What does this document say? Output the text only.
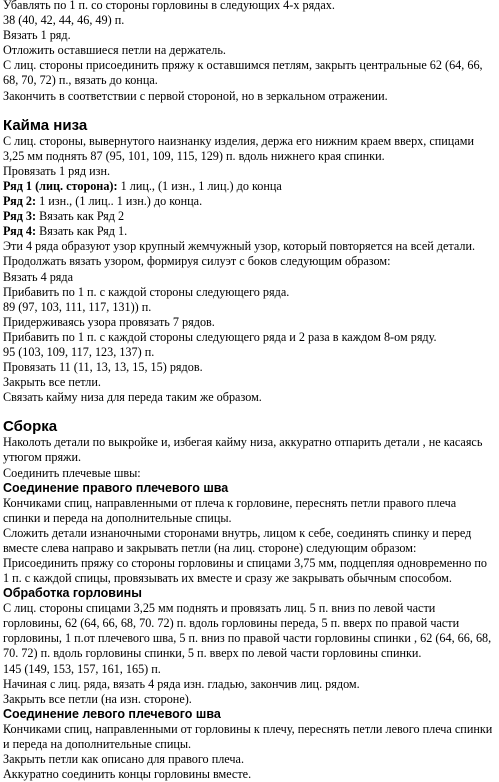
Убавлять по 1 п. со стороны горловины в следующих 4-х рядах.

38 (40, 42, 44, 46, 49) п.

Вязать 1 ряд.

Отложить оставшиеся петли на держатель.

С лиц. стороны присоединить пряжу к оставшимся петлям, закрыть центральные 62 (64, 66, 68, 70, 72) п., вязать до конца.

Закончить в соответствии с первой стороной, но в зеркальном отражении.

Кайма низа

С лиц. стороны, вывернутого наизнанку изделия, держа его нижним краем вверх, спицами 3,25 мм поднять 87 (95, 101, 109, 115, 129) п. вдоль нижнего края спинки.

Провязать 1 ряд изн.

Ряд 1 (лиц. сторона): 1 лиц., (1 изн., 1 лиц.) до конца

Ряд 2: 1 изн., (1 лиц.. 1 изн.) до конца.

Ряд 3: Вязать как Ряд 2

Ряд 4: Вязать как Ряд 1.

Эти 4 ряда образуют узор крупный жемчужный узор, который повторяется на всей детали.

Продолжать вязать узором, формируя силуэт с боков следующим образом:

Вязать 4 ряда

Прибавить по 1 п. с каждой стороны следующего ряда.

89 (97, 103, 111, 117, 131)) п.

Придерживаясь узора провязать 7 рядов.

Прибавить по 1 п. с каждой стороны следующего ряда и 2 раза в каждом 8-ом ряду.

95 (103, 109, 117, 123, 137) п.

Провязать 11 (11, 13, 13, 15, 15) рядов.

Закрыть все петли.

Связать кайму низа для переда таким же образом.

Сборка

Наколоть детали по выкройке и, избегая кайму низа, аккуратно отпарить детали , не касаясь утюгом пряжи.

Соединить плечевые швы:

Соединение правого плечевого шва

Кончиками спиц, направленными от плеча к горловине, переснять петли правого плеча спинки и переда на дополнительные спицы.

Сложить детали изнаночными сторонами внутрь, лицом к себе, соединять спинку и перед вместе слева направо и закрывать петли (на лиц. стороне) следующим образом:

Присоединить пряжу со стороны горловины и спицами 3,75 мм, подцепляя одновременно по 1 п. с каждой спицы, провязывать их вместе и сразу же закрывать обычным способом.

Обработка горловины

С лиц. стороны спицами 3,25 мм поднять и провязать лиц. 5 п. вниз по левой части горловины, 62 (64, 66, 68, 70. 72) п. вдоль горловины переда, 5 п. вверх по правой части горловины, 1 п.от плечевого шва, 5 п. вниз по правой части горловины спинки , 62 (64, 66, 68, 70. 72) п. вдоль горловины спинки, 5 п. вверх по левой части горловины спинки.

145 (149, 153, 157, 161, 165) п.

Начиная с лиц. ряда, вязать 4 ряда изн. гладью, закончив лиц. рядом.

Закрыть все петли (на изн. стороне).

Соединение левого плечевого шва

Кончиками спиц, направленными от горловины к плечу, переснять петли левого плеча спинки и переда на дополнительные спицы.

Закрыть петли как описано для правого плеча.

Аккуратно соединить концы горловины вместе.
